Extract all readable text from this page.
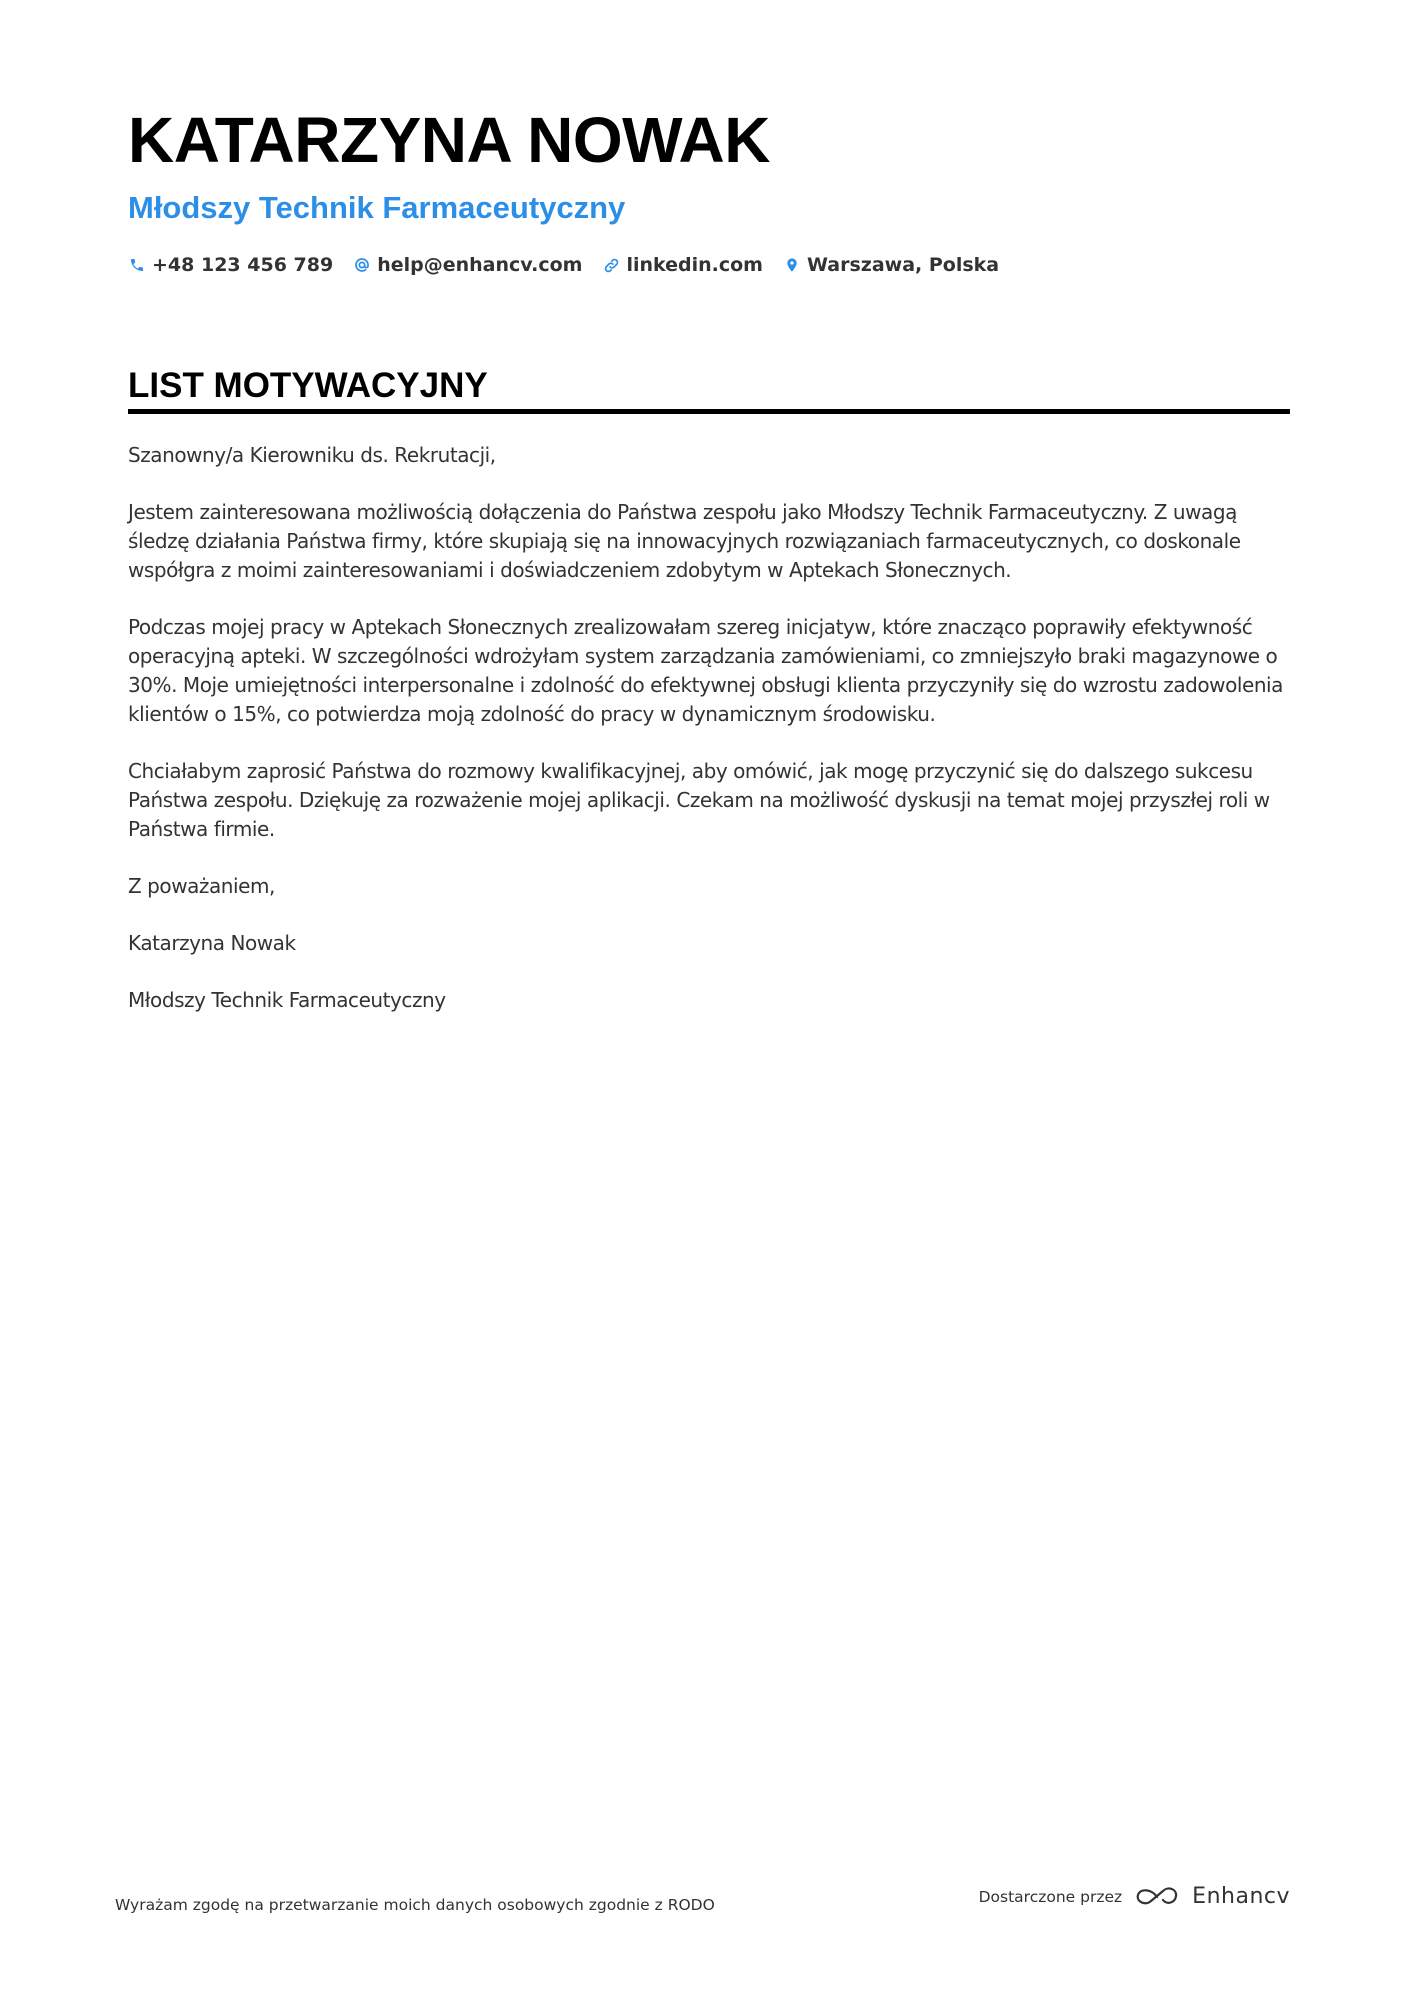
KATARZYNA NOWAK
Młodszy Technik Farmaceutyczny
+48 123 456 789 help@enhancv.com linkedin.com Warszawa, Polska
LIST MOTYWACYJNY

Szanowny/a Kierowniku ds. Rekrutacji,

Jestem zainteresowana możliwością dołączenia do Państwa zespołu jako Młodszy Technik Farmaceutyczny. Z uwagą śledzę działania Państwa firmy, które skupiają się na innowacyjnych rozwiązaniach farmaceutycznych, co doskonale współgra z moimi zainteresowaniami i doświadczeniem zdobytym w Aptekach Słonecznych.

Podczas mojej pracy w Aptekach Słonecznych zrealizowałam szereg inicjatyw, które znacząco poprawiły efektywność operacyjną apteki. W szczególności wdrożyłam system zarządzania zamówieniami, co zmniejszyło braki magazynowe o 30%. Moje umiejętności interpersonalne i zdolność do efektywnej obsługi klienta przyczyniły się do wzrostu zadowolenia klientów o 15%, co potwierdza moją zdolność do pracy w dynamicznym środowisku.

Chciałabym zaprosić Państwa do rozmowy kwalifikacyjnej, aby omówić, jak mogę przyczynić się do dalszego sukcesu Państwa zespołu. Dziękuję za rozważenie mojej aplikacji. Czekam na możliwość dyskusji na temat mojej przyszłej roli w Państwa firmie.

Z poważaniem,

Katarzyna Nowak

Młodszy Technik Farmaceutyczny

Wyrażam zgodę na przetwarzanie moich danych osobowych zgodnie z RODO	Dostarczone przez	Enhancv
